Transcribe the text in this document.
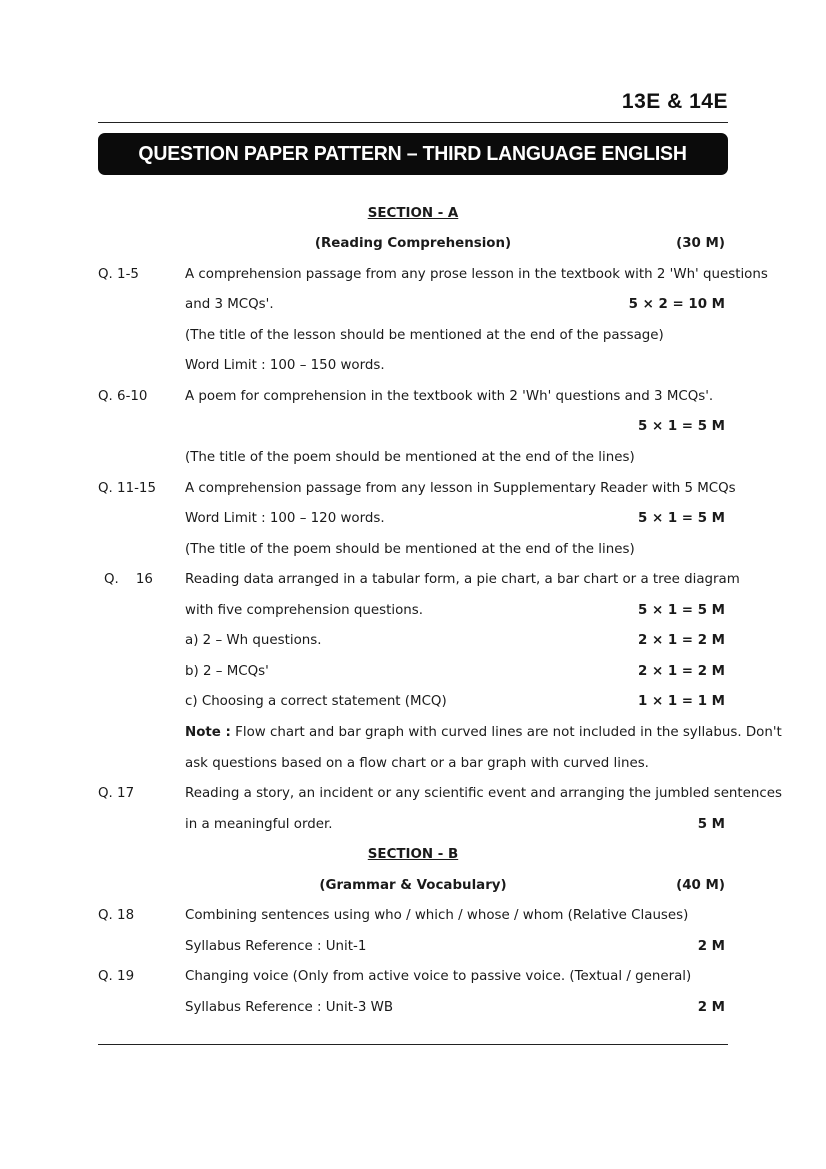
13E & 14E
QUESTION PAPER PATTERN – THIRD LANGUAGE ENGLISH
SECTION - A
(Reading Comprehension)	(30 M)
Q. 1-5	A comprehension passage from any prose lesson in the textbook with 2 'Wh' questions
and 3 MCQs'.	5 × 2 = 10 M
(The title of the lesson should be mentioned at the end of the passage)
Word Limit : 100 – 150 words.
Q. 6-10	A poem for comprehension in the textbook with 2 'Wh' questions and 3 MCQs'.
5 × 1 = 5 M
(The title of the poem should be mentioned at the end of the lines)
Q. 11-15 A comprehension passage from any lesson in Supplementary Reader with 5 MCQs
Word Limit : 100 – 120 words.	5 × 1 = 5 M
(The title of the poem should be mentioned at the end of the lines)
Q.    16 Reading data arranged in a tabular form, a pie chart, a bar chart or a tree diagram
with five comprehension questions.	5 × 1 = 5 M
a) 2 – Wh questions.	2 × 1 = 2 M
b) 2 – MCQs'	2 × 1 = 2 M
c) Choosing a correct statement (MCQ)	1 × 1 = 1 M
Note : Flow chart and bar graph with curved lines are not included in the syllabus. Don't
ask questions based on a flow chart or a bar graph with curved lines.
Q. 17	Reading a story, an incident or any scientific event and arranging the jumbled sentences
in a meaningful order.	5 M
SECTION - B
(Grammar & Vocabulary)	(40 M)
Q. 18	Combining sentences using who / which / whose / whom (Relative Clauses)
Syllabus Reference : Unit-1	2 M
Q. 19	Changing voice (Only from active voice to passive voice. (Textual / general)
Syllabus Reference : Unit-3 WB	2 M
